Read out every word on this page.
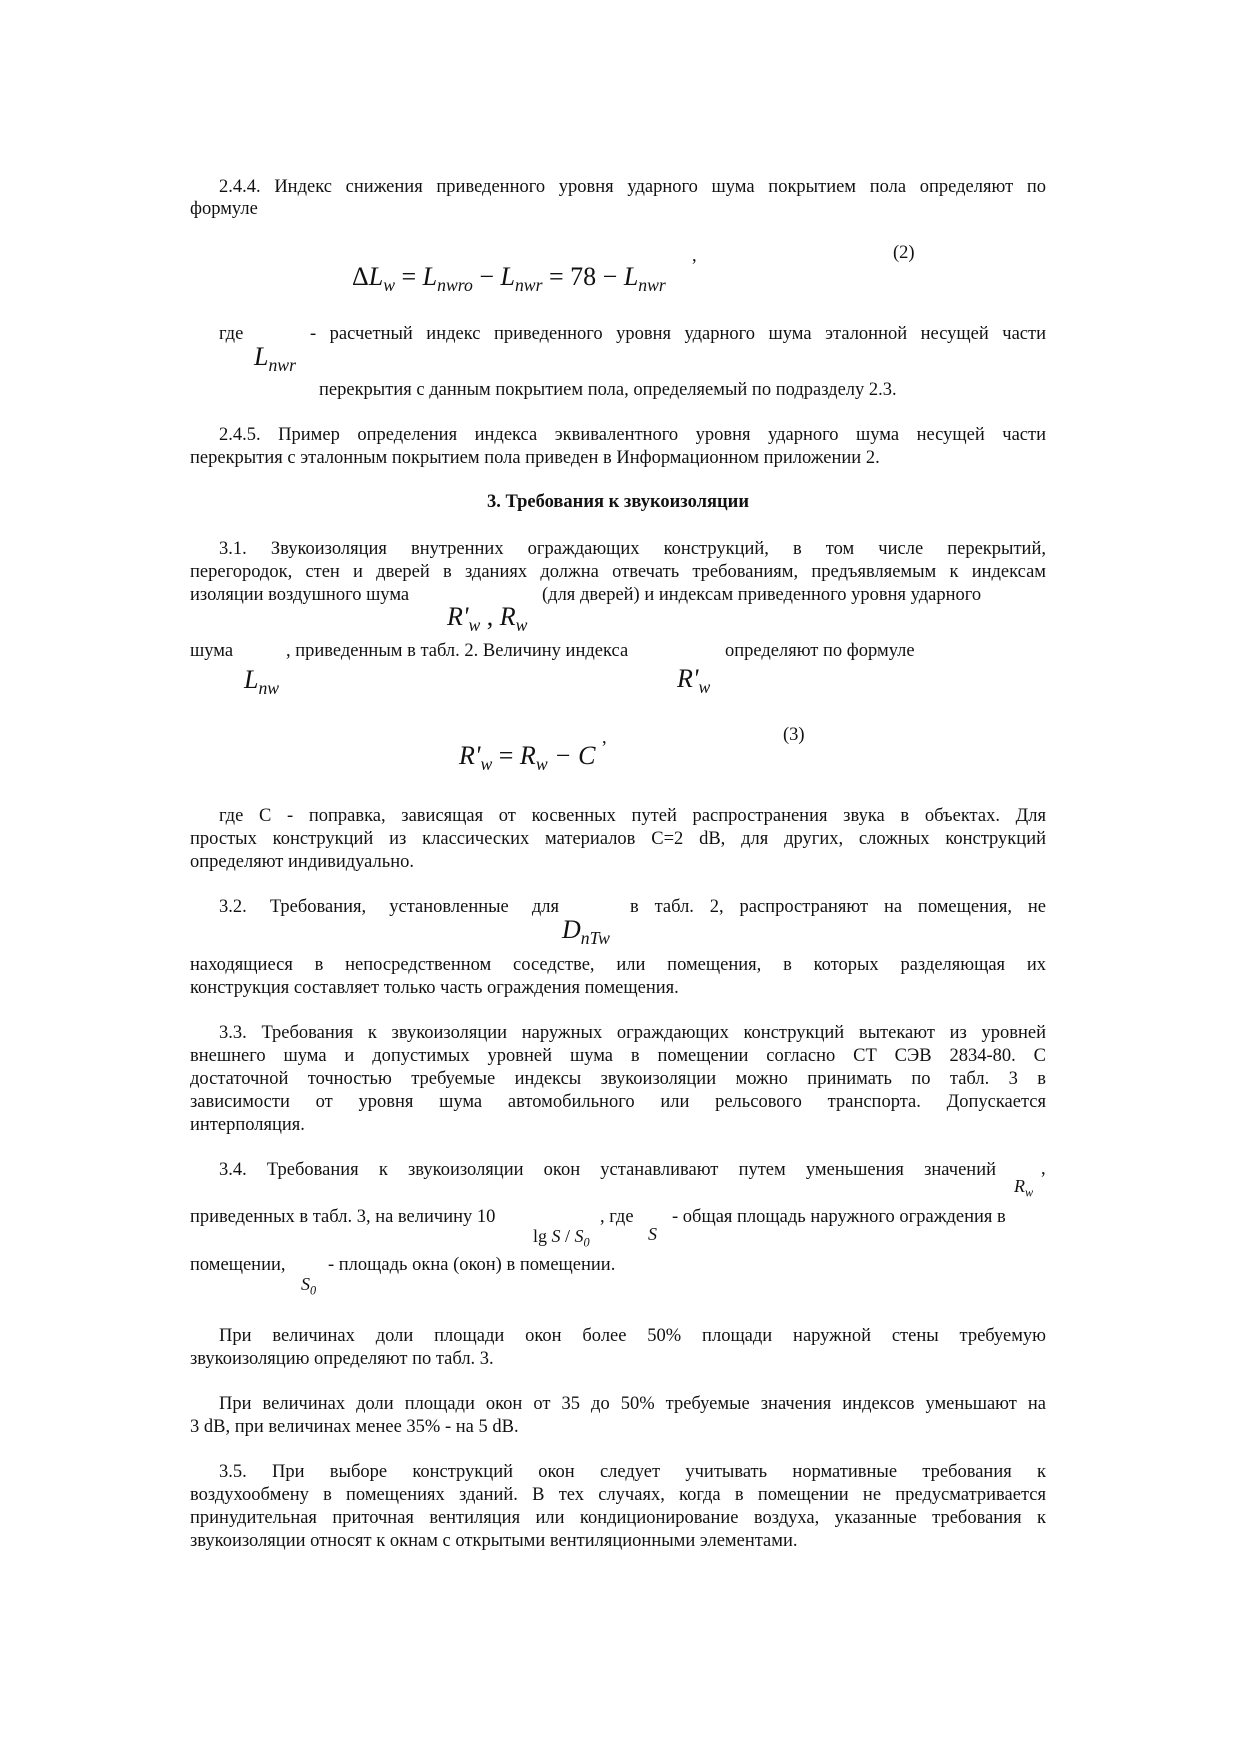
2.4.4. Индекс снижения приведенного уровня ударного шума покрытием пола определяют по
формуле
$\Delta L_w = L_{nwro} - L_{nwr} = 78 - L_{nwr}$
,	(2)
где	- расчетный индекс приведенного уровня ударного шума эталонной несущей части
$L_{nwr}$
перекрытия с данным покрытием пола, определяемый по подразделу 2.3.
2.4.5. Пример определения индекса эквивалентного уровня ударного шума несущей части
перекрытия с эталонным покрытием пола приведен в Информационном приложении 2.
3. Требования к звукоизоляции
3.1. Звукоизоляция внутренних ограждающих конструкций, в том числе перекрытий,
перегородок, стен и дверей в зданиях должна отвечать требованиям, предъявляемым к индексам
изоляции воздушного шума	(для дверей) и индексам приведенного уровня ударного
$R'_w$ , $R_w$
шума	, приведенным в табл. 2. Величину индекса	определяют по формуле
$L_{nw}$	$R'_w$
$R'_w = R_w - C$
,	(3)
где С - поправка, зависящая от косвенных путей распространения звука в объектах. Для
простых конструкций из классических материалов С=2 dB, для других, сложных конструкций
определяют индивидуально.
3.2. Требования, установленные для	в табл. 2, распространяют на помещения, не
$D_{nTw}$
находящиеся в непосредственном соседстве, или помещения, в которых разделяющая их
конструкция составляет только часть ограждения помещения.
3.3. Требования к звукоизоляции наружных ограждающих конструкций вытекают из уровней
внешнего шума и допустимых уровней шума в помещении согласно СТ СЭВ 2834-80. С
достаточной точностью требуемые индексы звукоизоляции можно принимать по табл. 3 в
зависимости от уровня шума автомобильного или рельсового транспорта. Допускается
интерполяция.
3.4. Требования к звукоизоляции окон устанавливают путем уменьшения значений ,
$R_w$
приведенных в табл. 3, на величину 10	, где - общая площадь наружного ограждения в
lg S / $S_0$	S
помещении, - площадь окна (окон) в помещении.
$S_0$
При величинах доли площади окон более 50% площади наружной стены требуемую
звукоизоляцию определяют по табл. 3.
При величинах доли площади окон от 35 до 50% требуемые значения индексов уменьшают на
3 dB, при величинах менее 35% - на 5 dB.
3.5. При выборе конструкций окон следует учитывать нормативные требования к
воздухообмену в помещениях зданий. В тех случаях, когда в помещении не предусматривается
принудительная приточная вентиляция или кондиционирование воздуха, указанные требования к
звукоизоляции относят к окнам с открытыми вентиляционными элементами.
